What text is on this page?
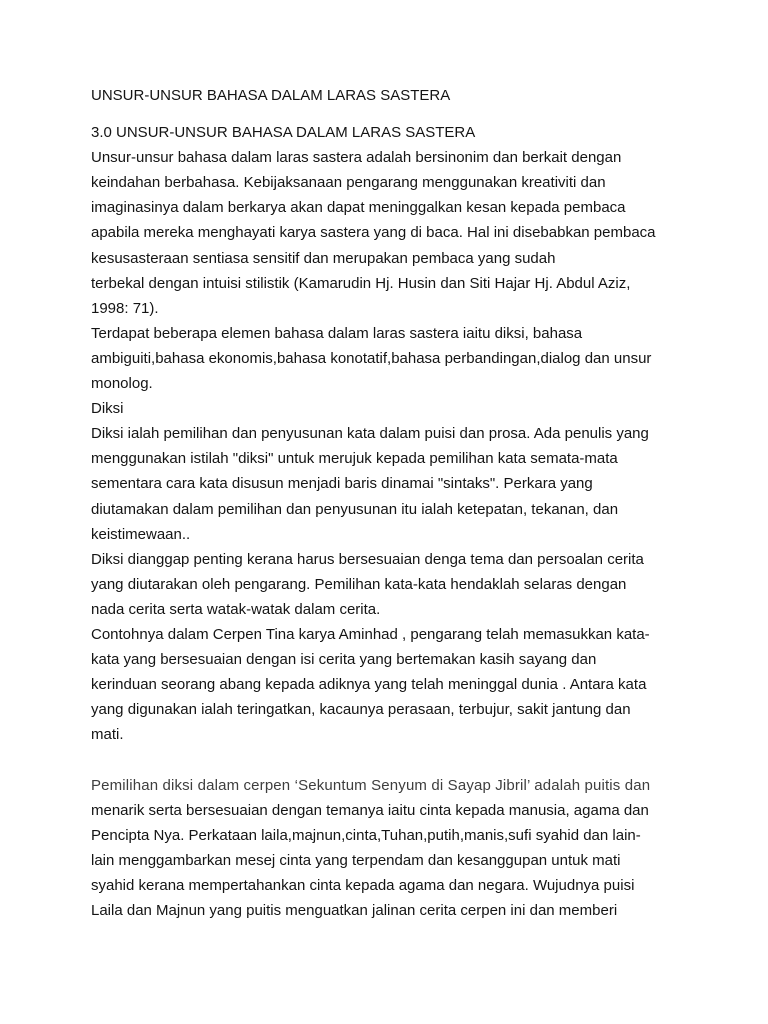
UNSUR-UNSUR BAHASA DALAM LARAS SASTERA
3.0 UNSUR-UNSUR BAHASA DALAM LARAS SASTERA
Unsur-unsur bahasa dalam laras sastera adalah bersinonim dan berkait dengan
keindahan berbahasa. Kebijaksanaan pengarang menggunakan kreativiti dan
imaginasinya dalam berkarya akan dapat meninggalkan kesan kepada pembaca
apabila mereka menghayati karya sastera yang di baca. Hal ini disebabkan pembaca
kesusasteraan sentiasa sensitif dan merupakan pembaca yang sudah
terbekal dengan intuisi stilistik (Kamarudin Hj. Husin dan Siti Hajar Hj. Abdul Aziz,
1998: 71).
Terdapat beberapa elemen bahasa dalam laras sastera iaitu diksi, bahasa
ambiguiti,bahasa ekonomis,bahasa konotatif,bahasa perbandingan,dialog dan unsur
monolog.
Diksi
Diksi ialah pemilihan dan penyusunan kata dalam puisi dan prosa. Ada penulis yang
menggunakan istilah "diksi" untuk merujuk kepada pemilihan kata semata-mata
sementara cara kata disusun menjadi baris dinamai "sintaks". Perkara yang
diutamakan dalam pemilihan dan penyusunan itu ialah ketepatan, tekanan, dan
keistimewaan..
Diksi dianggap penting kerana harus bersesuaian denga tema dan persoalan cerita
yang diutarakan oleh pengarang. Pemilihan kata-kata hendaklah selaras dengan
nada cerita serta watak-watak dalam cerita.
Contohnya dalam Cerpen Tina karya Aminhad , pengarang telah memasukkan kata-
kata yang bersesuaian dengan isi cerita yang bertemakan kasih sayang dan
kerinduan seorang abang kepada adiknya yang telah meninggal dunia . Antara kata
yang digunakan ialah teringatkan, kacaunya perasaan, terbujur, sakit jantung dan
mati.
Pemilihan diksi dalam cerpen ‘Sekuntum Senyum di Sayap Jibril’ adalah puitis dan
menarik serta bersesuaian dengan temanya iaitu cinta kepada manusia, agama dan
Pencipta Nya. Perkataan laila,majnun,cinta,Tuhan,putih,manis,sufi syahid dan lain-
lain menggambarkan mesej cinta yang terpendam dan kesanggupan untuk mati
syahid kerana mempertahankan cinta kepada agama dan negara. Wujudnya puisi
Laila dan Majnun yang puitis menguatkan jalinan cerita cerpen ini dan memberi
